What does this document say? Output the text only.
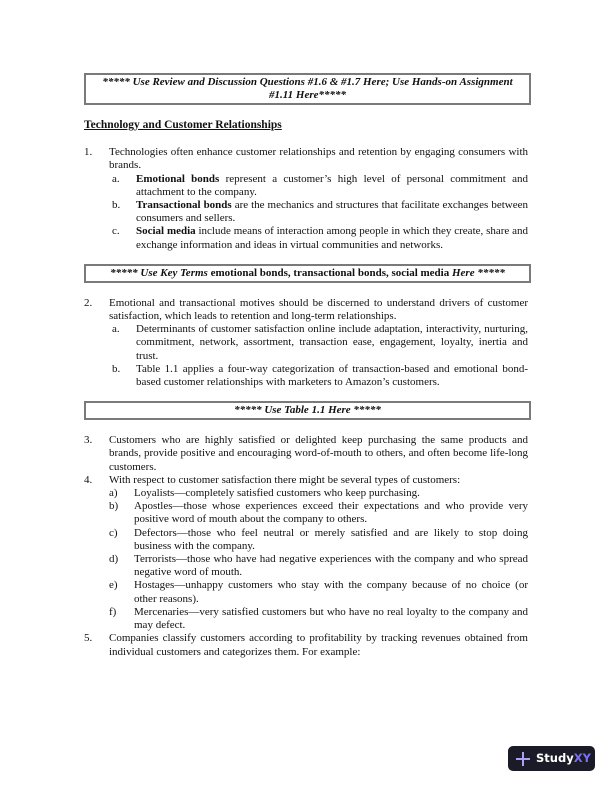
***** Use Review and Discussion Questions #1.6 & #1.7 Here; Use Hands-on Assignment #1.11 Here*****
Technology and Customer Relationships
1.	Technologies often enhance customer relationships and retention by engaging consumers with brands.
a. Emotional bonds represent a customer’s high level of personal commitment and attachment to the company.
b. Transactional bonds are the mechanics and structures that facilitate exchanges between consumers and sellers.
c. Social media include means of interaction among people in which they create, share and exchange information and ideas in virtual communities and networks.
***** Use Key Terms emotional bonds, transactional bonds, social media Here *****
2.	Emotional and transactional motives should be discerned to understand drivers of customer satisfaction, which leads to retention and long-term relationships.
a. Determinants of customer satisfaction online include adaptation, interactivity, nurturing, commitment, network, assortment, transaction ease, engagement, loyalty, inertia and trust.
b. Table 1.1 applies a four-way categorization of transaction-based and emotional bond-based customer relationships with marketers to Amazon’s customers.
***** Use Table 1.1 Here *****
3.	Customers who are highly satisfied or delighted keep purchasing the same products and brands, provide positive and encouraging word-of-mouth to others, and often become life-long customers.
4.	With respect to customer satisfaction there might be several types of customers:
a) Loyalists—completely satisfied customers who keep purchasing.
b) Apostles—those whose experiences exceed their expectations and who provide very positive word of mouth about the company to others.
c) Defectors—those who feel neutral or merely satisfied and are likely to stop doing business with the company.
d) Terrorists—those who have had negative experiences with the company and who spread negative word of mouth.
e) Hostages—unhappy customers who stay with the company because of no choice (or other reasons).
f) Mercenaries—very satisfied customers but who have no real loyalty to the company and may defect.
5.	Companies classify customers according to profitability by tracking revenues obtained from individual customers and categorizes them. For example:
Study XY
